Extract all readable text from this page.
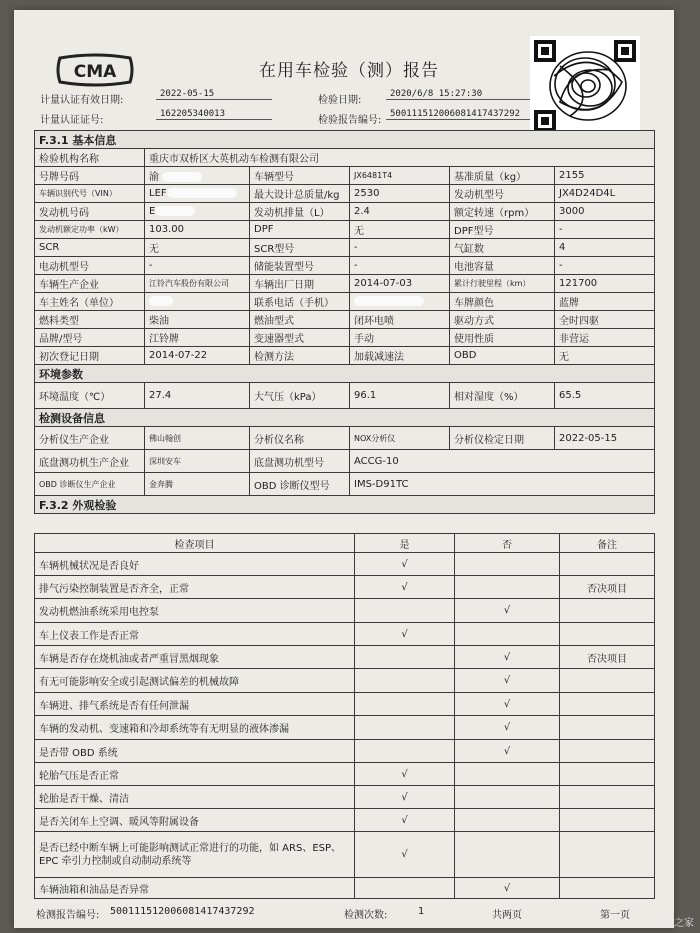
CMA	在用车检验（测）报告
计量认证有效日期:
2022-05-15
计量认证证号:
162205340013
检验日期:
2020/6/8 15:27:30
检验报告编号:
500111512006081417437292
F.3.1 基本信息					
检验机构名称	重庆市双桥区大英机动车检测有限公司				
号牌号码	渝	车辆型号	JX6481T4	基准质量（kg）	2155
车辆识别代号（VIN）	LEF	最大设计总质量/kg	2530	发动机型号	JX4D24D4L
发动机号码	E	发动机排量（L）	2.4	额定转速（rpm）	3000
发动机额定功率（kW）	103.00	DPF	无	DPF型号	-
SCR	无	SCR型号	-	气缸数	4
电动机型号	-	储能装置型号	-	电池容量	-
车辆生产企业	江铃汽车股份有限公司	车辆出厂日期	2014-07-03	累计行驶里程（km）	121700
车主姓名（单位）		联系电话（手机）		车牌颜色	蓝牌
燃料类型	柴油	燃油型式	闭环电喷	驱动方式	全时四驱
品牌/型号	江铃牌	变速器型式	手动	使用性质	非营运
初次登记日期	2014-07-22	检测方法	加载减速法	OBD	无
环境参数					
环境温度（℃）	27.4	大气压（kPa）	96.1	相对湿度（%）	65.5
检测设备信息					
分析仪生产企业	佛山翰创	分析仪名称	NOX分析仪	分析仪检定日期	2022-05-15
底盘测功机生产企业	深圳安车	底盘测功机型号	ACCG-10		
OBD 诊断仪生产企业	金奔腾	OBD 诊断仪型号	IMS-D91TC		
F.3.2 外观检验					
检查项目	是	否	备注
车辆机械状况是否良好	√		
排气污染控制装置是否齐全，正常	√		否决项目
发动机燃油系统采用电控泵		√	
车上仪表工作是否正常	√		
车辆是否存在烧机油或者严重冒黑烟现象		√	否决项目
有无可能影响安全或引起测试偏差的机械故障		√	
车辆进、排气系统是否有任何泄漏		√	
车辆的发动机、变速箱和冷却系统等有无明显的液体渗漏		√	
是否带 OBD 系统		√	
轮胎气压是否正常	√		
轮胎是否干燥、清洁	√		
是否关闭车上空调、暖风等附属设备	√		
是否已经中断车辆上可能影响测试正常进行的功能，如 ARS、ESP、EPC 牵引力控制或自动制动系统等	√		
车辆油箱和油品是否异常		√	
检测报告编号: 500111512006081417437292	检测次数:	1	共两页	第一页
汽车之家
